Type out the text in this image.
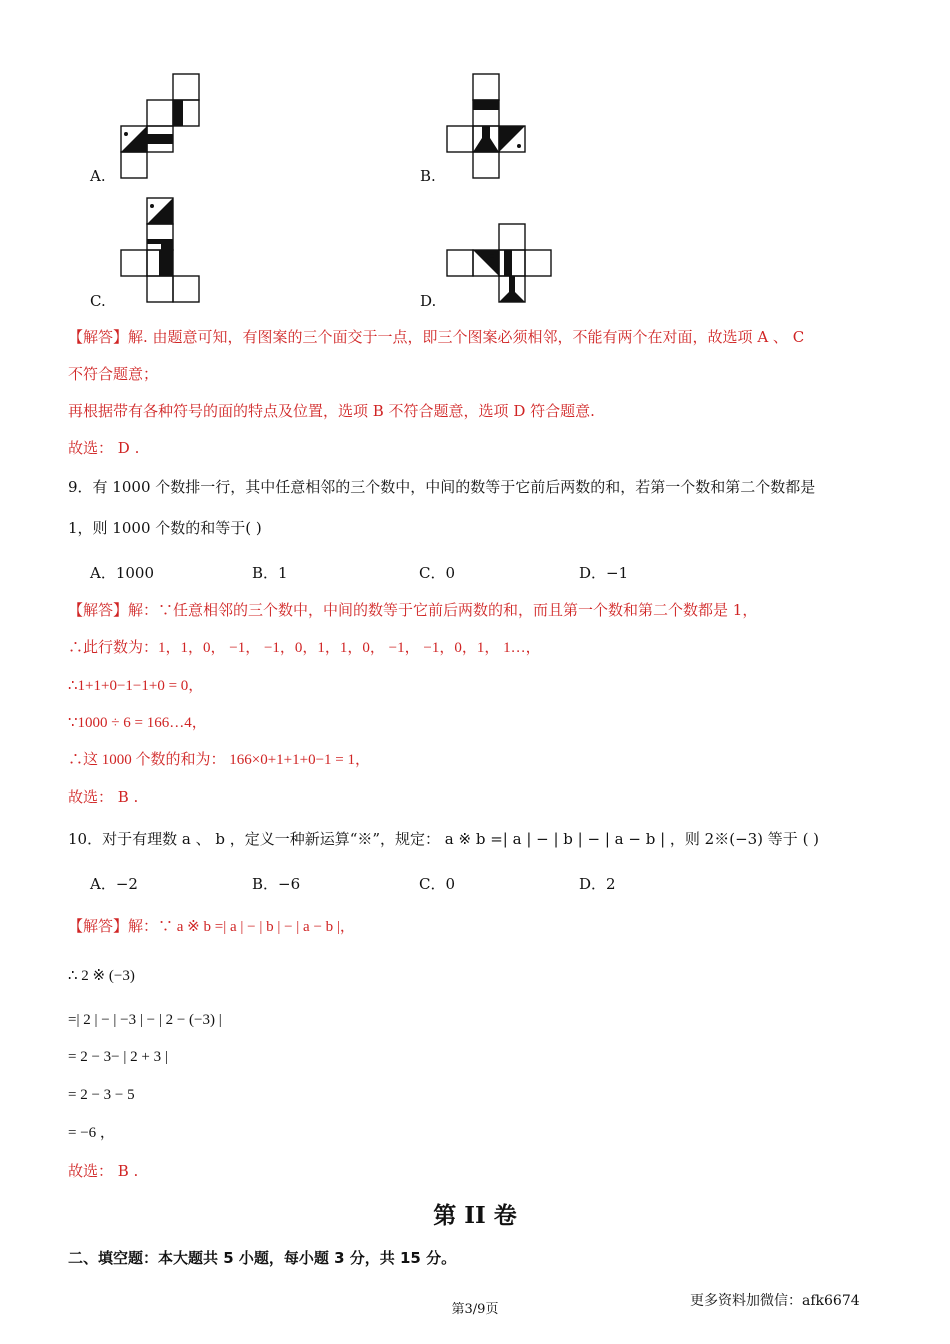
A.	B.
C.	D.
【解答】解. 由题意可知，有图案的三个面交于一点，即三个图案必须相邻，不能有两个在对面，故选项 A 、 C
不符合题意；
再根据带有各种符号的面的特点及位置，选项 B 不符合题意，选项 D 符合题意.
故选： D .
9．有 1000 个数排一行，其中任意相邻的三个数中，中间的数等于它前后两数的和，若第一个数和第二个数都是
1，则 1000 个数的和等于( )
A．1000	B．1	C．0	D．−1
【解答】解：∵任意相邻的三个数中，中间的数等于它前后两数的和，而且第一个数和第二个数都是 1，
∴此行数为：1，1，0， −1， −1，0，1，1，0， −1， −1，0，1， 1…，
∴1+1+0−1−1+0 = 0，
∵1000 ÷ 6 = 166…4，
∴这 1000 个数的和为： 166×0+1+1+0−1 = 1，
故选： B .
10．对于有理数 a 、 b ，定义一种新运算“※”，规定： a ※ b =| a | − | b | − | a − b | ，则 2※(−3) 等于 ( )
A．−2	B．−6	C．0	D．2
【解答】解：∵ a ※ b =| a | − | b | − | a − b |，
∴ 2 ※ (−3)
=| 2 | − | −3 | − | 2 − (−3) |
= 2 − 3− | 2 + 3 |
= 2 − 3 − 5
= −6 ，
故选： B .
第 II 卷
二、填空题：本大题共 5 小题，每小题 3 分，共 15 分。
第3/9页
更多资料加微信：afk6674
